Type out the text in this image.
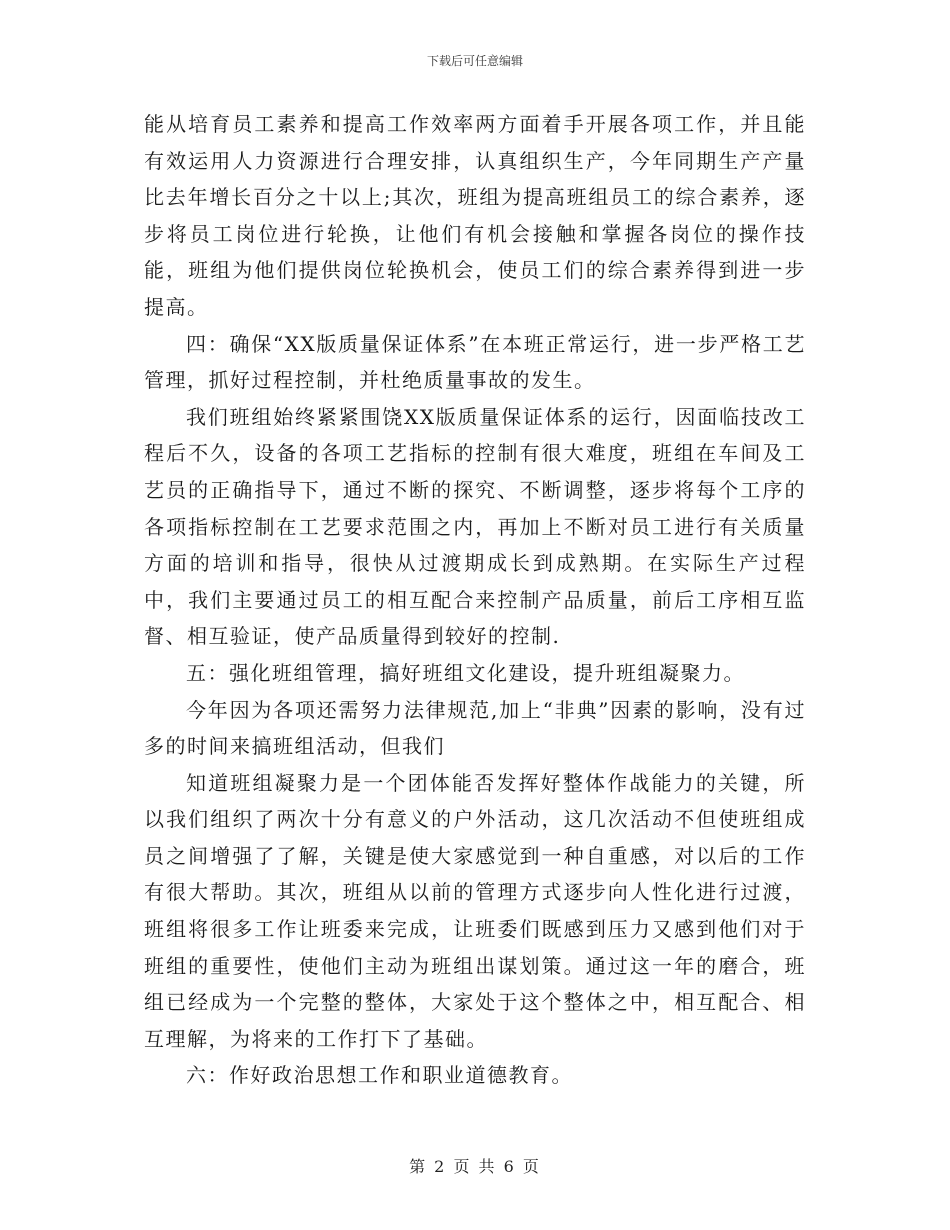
下载后可任意编辑

能从培育员工素养和提高工作效率两方面着手开展各项工作，并且能有效运用人力资源进行合理安排，认真组织生产，今年同期生产产量比去年增长百分之十以上;其次，班组为提高班组员工的综合素养，逐步将员工岗位进行轮换，让他们有机会接触和掌握各岗位的操作技能，班组为他们提供岗位轮换机会，使员工们的综合素养得到进一步提高。

四：确保“XX版质量保证体系”在本班正常运行，进一步严格工艺管理，抓好过程控制，并杜绝质量事故的发生。

我们班组始终紧紧围饶XX版质量保证体系的运行，因面临技改工程后不久，设备的各项工艺指标的控制有很大难度，班组在车间及工艺员的正确指导下，通过不断的探究、不断调整，逐步将每个工序的各项指标控制在工艺要求范围之内，再加上不断对员工进行有关质量方面的培训和指导，很快从过渡期成长到成熟期。在实际生产过程中，我们主要通过员工的相互配合来控制产品质量，前后工序相互监督、相互验证，使产品质量得到较好的控制.

五：强化班组管理，搞好班组文化建设，提升班组凝聚力。

今年因为各项还需努力法律规范,加上“非典”因素的影响，没有过多的时间来搞班组活动，但我们

知道班组凝聚力是一个团体能否发挥好整体作战能力的关键，所以我们组织了两次十分有意义的户外活动，这几次活动不但使班组成员之间增强了了解，关键是使大家感觉到一种自重感，对以后的工作有很大帮助。其次，班组从以前的管理方式逐步向人性化进行过渡，班组将很多工作让班委来完成，让班委们既感到压力又感到他们对于班组的重要性，使他们主动为班组出谋划策。通过这一年的磨合，班组已经成为一个完整的整体，大家处于这个整体之中，相互配合、相互理解，为将来的工作打下了基础。

六：作好政治思想工作和职业道德教育。

第 2 页 共 6 页
